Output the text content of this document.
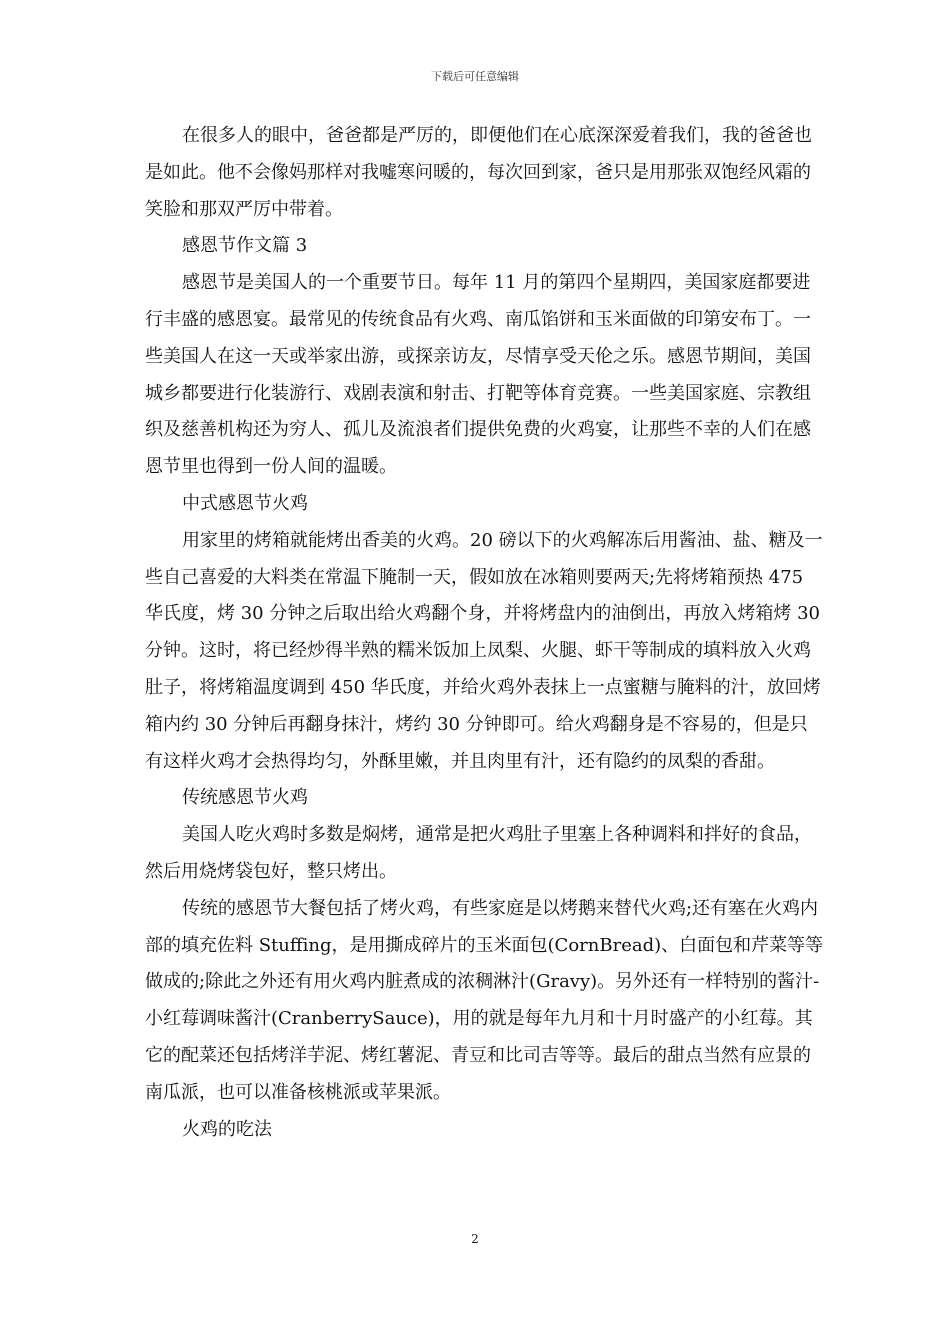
下载后可任意编辑

在很多人的眼中，爸爸都是严厉的，即便他们在心底深深爱着我们，我的爸爸也是如此。他不会像妈那样对我嘘寒问暖的，每次回到家，爸只是用那张双饱经风霜的笑脸和那双严厉中带着。

感恩节作文篇 3

感恩节是美国人的一个重要节日。每年 11 月的第四个星期四，美国家庭都要进行丰盛的感恩宴。最常见的传统食品有火鸡、南瓜馅饼和玉米面做的印第安布丁。一些美国人在这一天或举家出游，或探亲访友，尽情享受天伦之乐。感恩节期间，美国城乡都要进行化装游行、戏剧表演和射击、打靶等体育竞赛。一些美国家庭、宗教组织及慈善机构还为穷人、孤儿及流浪者们提供免费的火鸡宴，让那些不幸的人们在感恩节里也得到一份人间的温暖。

中式感恩节火鸡

用家里的烤箱就能烤出香美的火鸡。20 磅以下的火鸡解冻后用酱油、盐、糖及一些自己喜爱的大料类在常温下腌制一天，假如放在冰箱则要两天;先将烤箱预热 475 华氏度，烤 30 分钟之后取出给火鸡翻个身，并将烤盘内的油倒出，再放入烤箱烤 30 分钟。这时，将已经炒得半熟的糯米饭加上凤梨、火腿、虾干等制成的填料放入火鸡肚子，将烤箱温度调到 450 华氏度，并给火鸡外表抹上一点蜜糖与腌料的汁，放回烤箱内约 30 分钟后再翻身抹汁，烤约 30 分钟即可。给火鸡翻身是不容易的，但是只有这样火鸡才会热得均匀，外酥里嫩，并且肉里有汁，还有隐约的凤梨的香甜。

传统感恩节火鸡

美国人吃火鸡时多数是焖烤，通常是把火鸡肚子里塞上各种调料和拌好的食品，然后用烧烤袋包好，整只烤出。

传统的感恩节大餐包括了烤火鸡，有些家庭是以烤鹅来替代火鸡;还有塞在火鸡内部的填充佐料 Stuffing，是用撕成碎片的玉米面包(CornBread)、白面包和芹菜等等做成的;除此之外还有用火鸡内脏煮成的浓稠淋汁(Gravy)。另外还有一样特别的酱汁-小红莓调味酱汁(CranberrySauce)，用的就是每年九月和十月时盛产的小红莓。其它的配菜还包括烤洋芋泥、烤红薯泥、青豆和比司吉等等。最后的甜点当然有应景的南瓜派，也可以准备核桃派或苹果派。

火鸡的吃法

2
